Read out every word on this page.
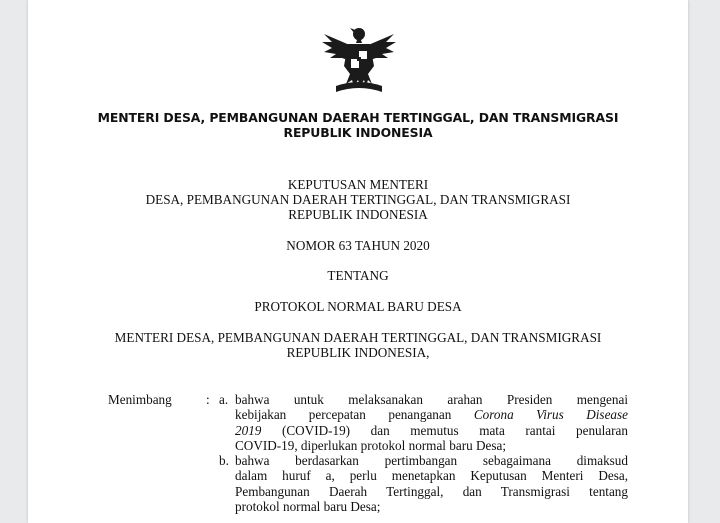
MENTERI DESA, PEMBANGUNAN DAERAH TERTINGGAL, DAN TRANSMIGRASI
REPUBLIK INDONESIA
KEPUTUSAN MENTERI
DESA, PEMBANGUNAN DAERAH TERTINGGAL, DAN TRANSMIGRASI
REPUBLIK INDONESIA
NOMOR 63 TAHUN 2020
TENTANG
PROTOKOL NORMAL BARU DESA
MENTERI DESA, PEMBANGUNAN DAERAH TERTINGGAL, DAN TRANSMIGRASI
REPUBLIK INDONESIA,
Menimbang	: a. bahwa untuk melaksanakan arahan Presiden mengenai
kebijakan percepatan penanganan Corona Virus Disease
2019 (COVID-19) dan memutus mata rantai penularan
COVID-19, diperlukan protokol normal baru Desa;
b. bahwa berdasarkan pertimbangan sebagaimana dimaksud
dalam huruf a, perlu menetapkan Keputusan Menteri Desa,
Pembangunan Daerah Tertinggal, dan Transmigrasi tentang
protokol normal baru Desa;
